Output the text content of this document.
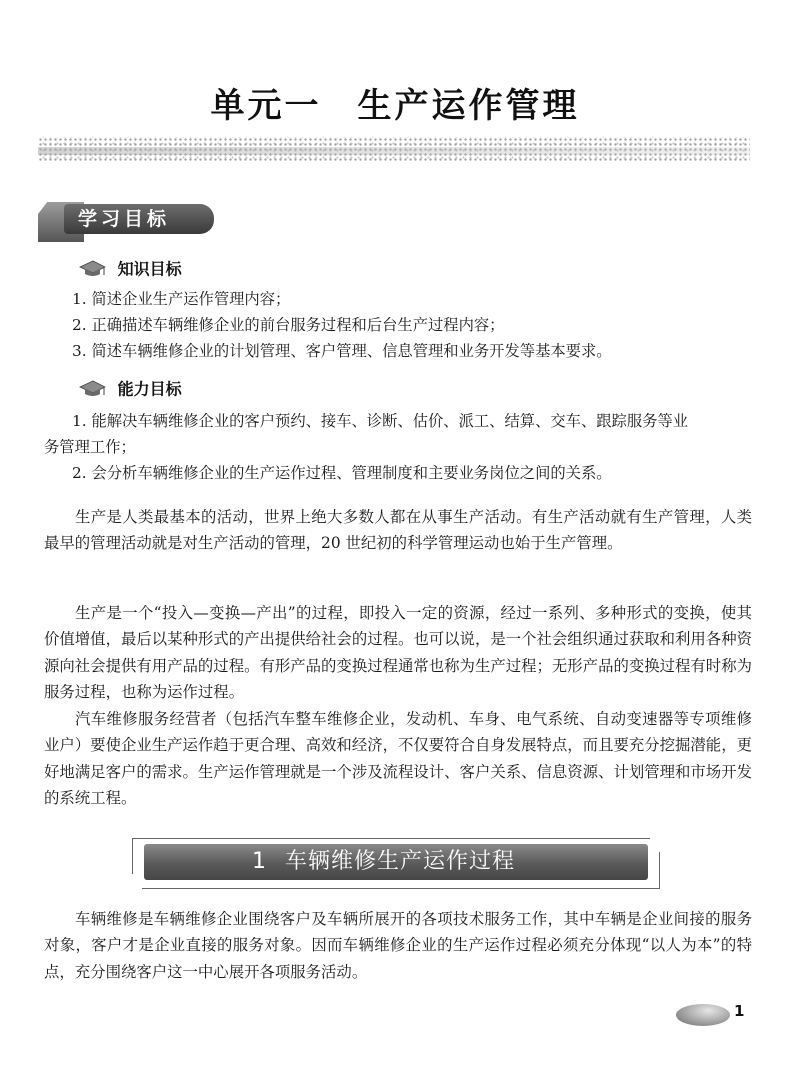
单元一 生产运作管理
学习目标
知识目标
1. 简述企业生产运作管理内容；
2. 正确描述车辆维修企业的前台服务过程和后台生产过程内容；
3. 简述车辆维修企业的计划管理、客户管理、信息管理和业务开发等基本要求。
能力目标
1. 能解决车辆维修企业的客户预约、接车、诊断、估价、派工、结算、交车、跟踪服务等业
务管理工作；
2. 会分析车辆维修企业的生产运作过程、管理制度和主要业务岗位之间的关系。

生产是人类最基本的活动，世界上绝大多数人都在从事生产活动。有生产活动就有生产管理，人类最早的管理活动就是对生产活动的管理，20 世纪初的科学管理运动也始于生产管理。

生产是一个“投入—变换—产出”的过程，即投入一定的资源，经过一系列、多种形式的变换，使其价值增值，最后以某种形式的产出提供给社会的过程。也可以说，是一个社会组织通过获取和利用各种资源向社会提供有用产品的过程。有形产品的变换过程通常也称为生产过程；无形产品的变换过程有时称为服务过程，也称为运作过程。

汽车维修服务经营者（包括汽车整车维修企业，发动机、车身、电气系统、自动变速器等专项维修业户）要使企业生产运作趋于更合理、高效和经济，不仅要符合自身发展特点，而且要充分挖掘潜能，更好地满足客户的需求。生产运作管理就是一个涉及流程设计、客户关系、信息资源、计划管理和市场开发的系统工程。

1 车辆维修生产运作过程

车辆维修是车辆维修企业围绕客户及车辆所展开的各项技术服务工作，其中车辆是企业间接的服务对象，客户才是企业直接的服务对象。因而车辆维修企业的生产运作过程必须充分体现“以人为本”的特点，充分围绕客户这一中心展开各项服务活动。

1
